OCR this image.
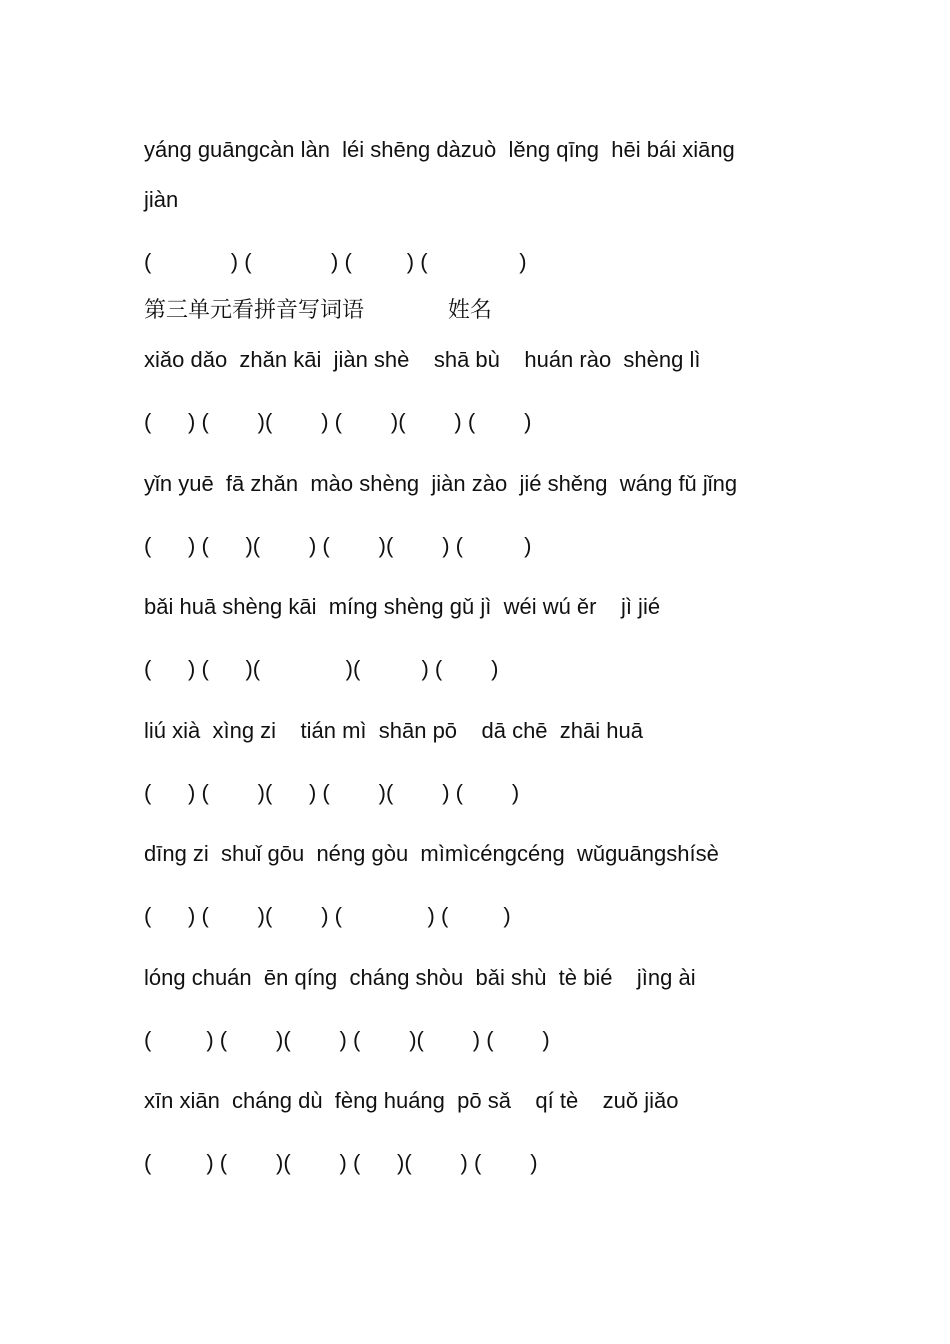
yáng guāngcàn làn  léi shēng dàzuò  lěng qīng  hēi bái xiāng
jiàn
(             ) (             ) (         ) (               )
第三单元看拼音写词语            姓名
xiǎo dǎo  zhǎn kāi  jiàn shè    shā bù    huán rào  shèng lì
(      ) (        )(        ) (        )(        ) (        )
yǐn yuē  fā zhǎn  mào shèng  jiàn zào  jié shěng  wáng fǔ jǐng
(      ) (      )(        ) (        )(        ) (          )
bǎi huā shèng kāi  míng shèng gǔ jì  wéi wú ěr    jì jié
(      ) (      )(              )(          ) (        )
liú xià  xìng zi    tián mì  shān pō    dā chē  zhāi huā
(      ) (        )(      ) (        )(        ) (        )
dīng zi  shuǐ gōu  néng gòu  mìmìcéngcéng  wǔguāngshísè
(      ) (        )(        ) (              ) (         )
lóng chuán  ēn qíng  cháng shòu  bǎi shù  tè bié    jìng ài
(         ) (        )(        ) (        )(        ) (        )
xīn xiān  cháng dù  fèng huáng  pō sǎ    qí tè    zuǒ jiǎo
(         ) (        )(        ) (      )(        ) (        )
